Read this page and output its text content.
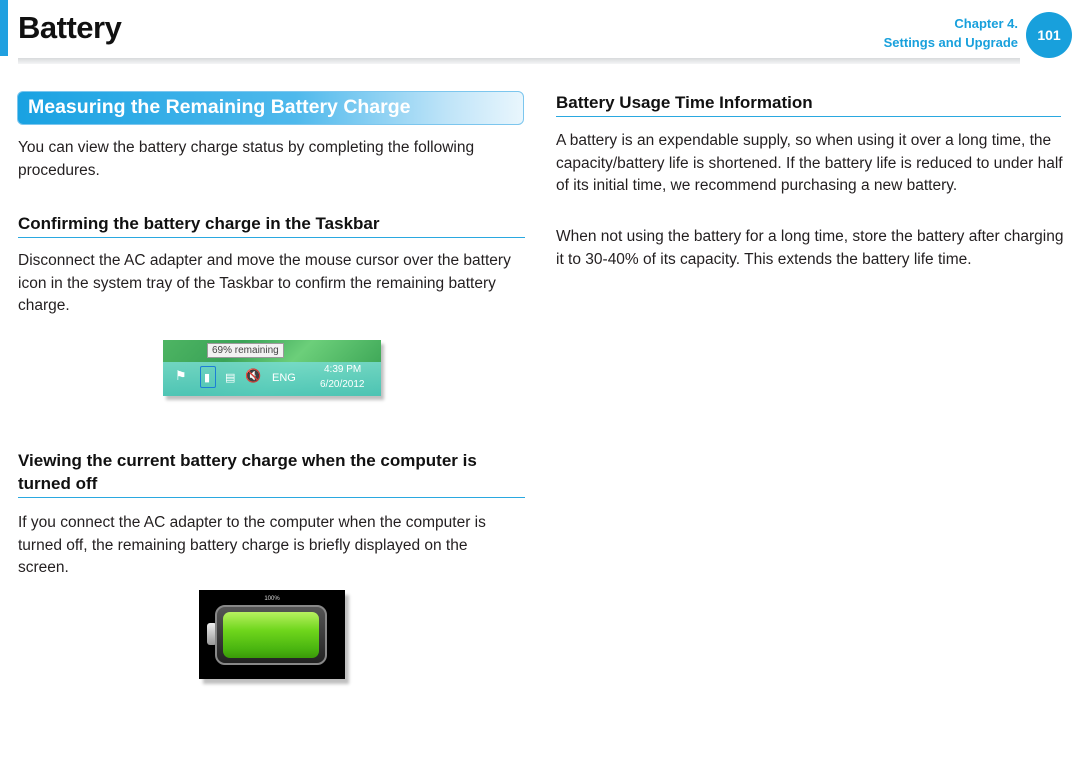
Battery	Chapter 4.
Settings and Upgrade	101
Measuring the Remaining Battery Charge
You can view the battery charge status by completing the following procedures.
Confirming the battery charge in the Taskbar
Disconnect the AC adapter and move the mouse cursor over the battery icon in the system tray of the Taskbar to confirm the remaining battery charge.
69% remaining
⚑ ▮ ▤ 🔇 ENG
4:39 PM
6/20/2012
Viewing the current battery charge when the computer is turned off
If you connect the AC adapter to the computer when the computer is turned off, the remaining battery charge is briefly displayed on the screen.
100%
Battery Usage Time Information
A battery is an expendable supply, so when using it over a long time, the capacity/battery life is shortened. If the battery life is reduced to under half of its initial time, we recommend purchasing a new battery.
When not using the battery for a long time, store the battery after charging it to 30-40% of its capacity. This extends the battery life time.
